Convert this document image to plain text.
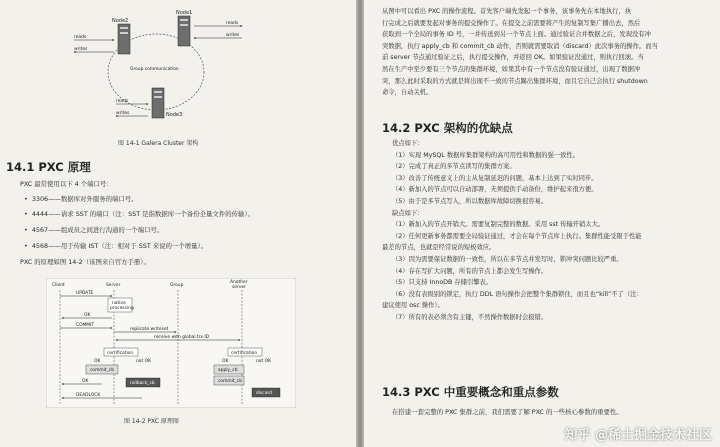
Node2
Node1
Node3
Group communication
reads
writes
reads
writes
reads
writes
图 14-1 Galera Cluster 架构
14.1 PXC 原理
PXC 最常使用以下 4 个端口号：
•  3306——数据库对外服务的端口号。
•  4444——请求 SST 的端口（注：SST 是指数据库一个备份全量文件的传输）。
•  4567——组成员之间进行沟通的一个端口号。
•  4568——用于传输 IST（注：相对于 SST 来说的一个增量）。
PXC 的原理如图 14-2（该图来自官方手册）。
Client	Server	Group
Another
server
UPDATE
native
processing
OK
COMMIT
replicate writeset
receive with global trx ID
certification	certification
OK	not OK	OK	not OK
commit_cb
rollback_cb
apply_cb
commit_cb
discard
OK
DEADLOCK
图 14-2 PXC 原理图
从图中可以看出 PXC 的操作流程。首先客户端先发起一个事务，该事务先在本地执行，执
行完成之后就要发起对事务的提交操作了。在提交之前需要将产生的复制写集广播出去，然后
获取到一个全局的事务 ID 号，一并传送到另一个节点上面。通过验证合并数据之后，发现没有冲
突数据，执行 apply_cb 和 commit_cb 动作，否则就需要取消（discard）此次事务的操作。而当
前 server 节点通过验证之后，执行提交操作，并返回 OK。如果验证没通过，则执行回滚。当
然在生产中至少要有三个节点的集群环境，如果其中有一个节点没有验证通过，出现了数据冲
突，那么此时采取的方式就是将出现不一致的节点踢出集群环境，而且它自己会执行 shutdown
命令，自动关机。
14.2 PXC 架构的优缺点
优点如下：
（1）实现 MySQL 数据库集群架构的高可用性和数据的强一致性。
（2）完成了真正的多节点读写的集群方案。
（3）改善了传统意义上的主从复制延迟的问题，基本上达到了实时同步。
（4）新加入的节点可以自动部署，无须提供手动备份，维护起来很方便。
（5）由于是多节点写入，所以数据库故障切换很容易。
缺点如下：
（1）新加入的节点开销大。需要复制完整的数据。采用 sst 传输开销太大。
（2）任何更新事务都需要全局验证通过，才会在每个节点库上执行。集群性能受限于性能
最差的节点，也就是经常说的短板效应。
（3）因为需要保证数据的一致性，所以在多节点并发写时，锁冲突问题比较严重。
（4）存在写扩大问题，所有的节点上都会发生写操作。
（5）只支持 InnoDB 存储引擎表。
（6）没有表级别的锁定，执行 DDL 语句操作会把整个集群锁住，而且也“kill”不了（注：
建议使用 osc 操作）。
（7）所有的表必须含有主键，不然操作数据时会报错。
14.3 PXC 中重要概念和重点参数
在搭建一套完整的 PXC 集群之前，我们需要了解 PXC 的一些核心参数的重要性。
知乎 @稀土掘金技术社区
